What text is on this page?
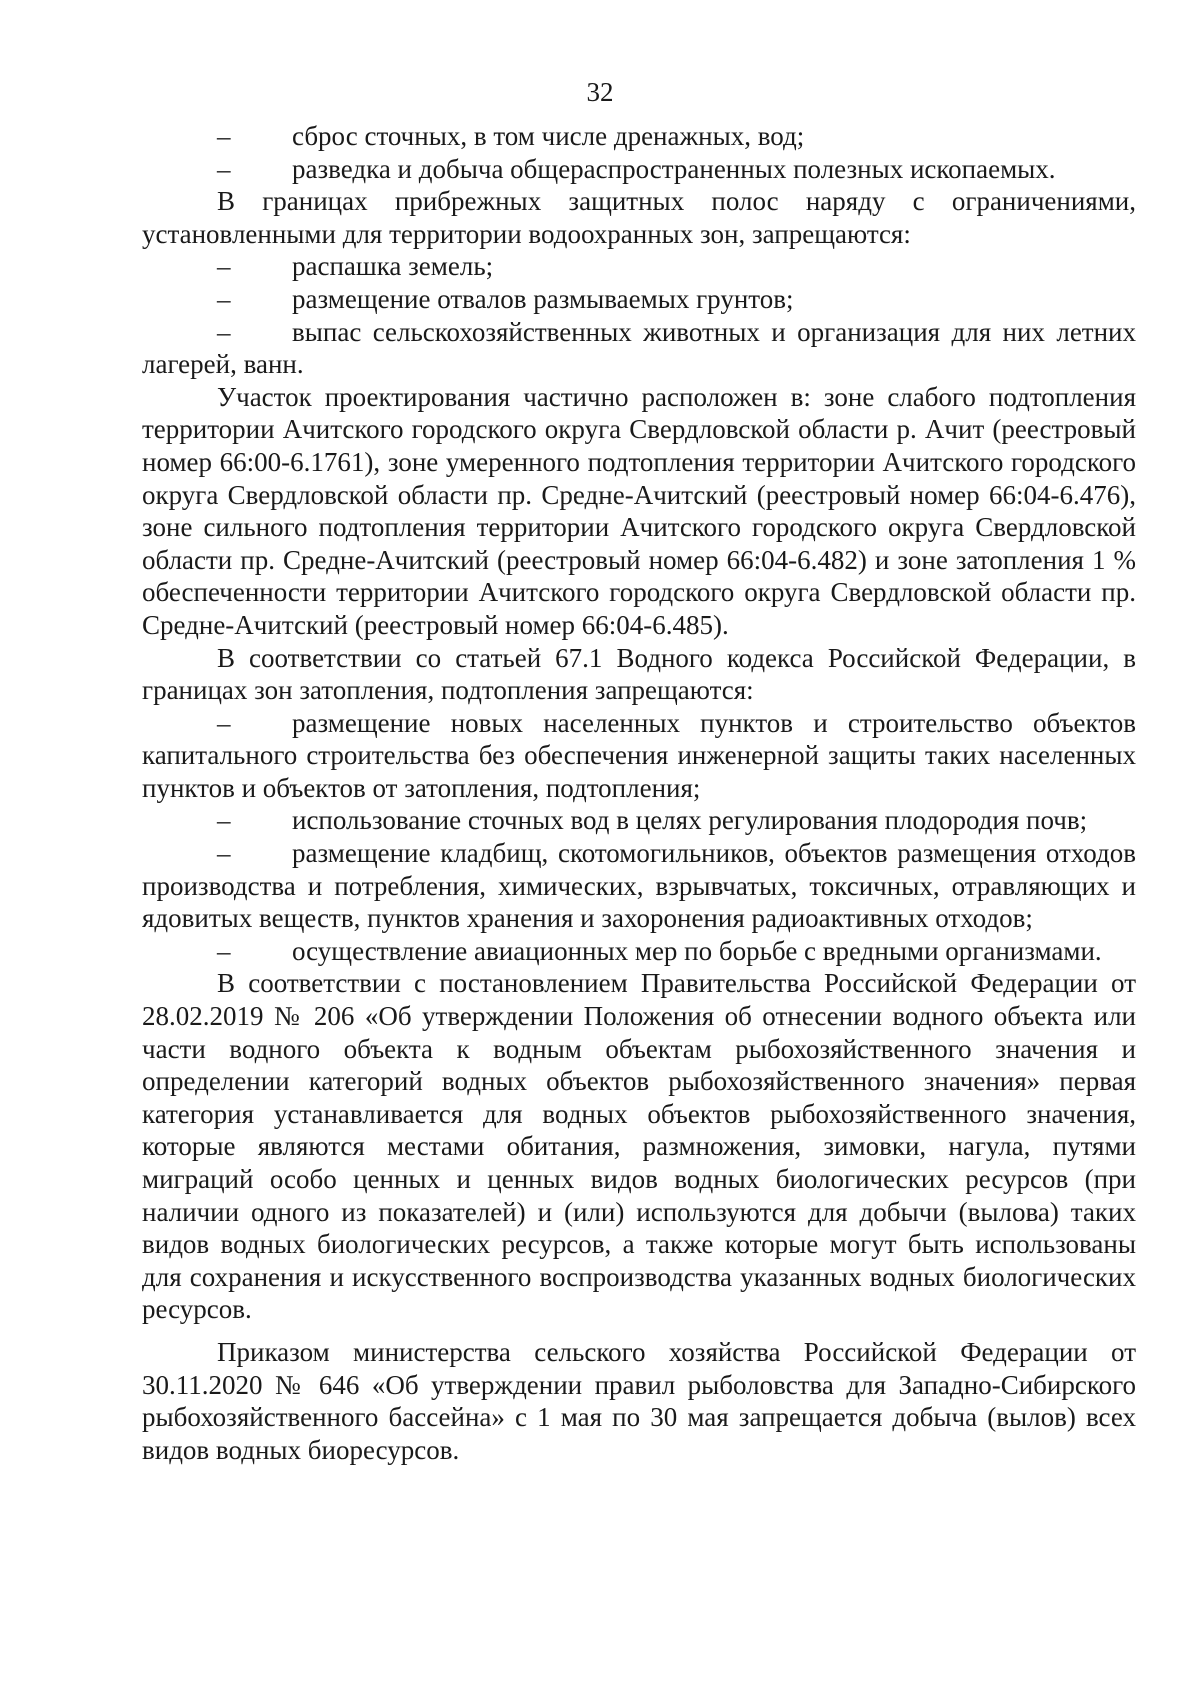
32

– сброс сточных, в том числе дренажных, вод;

– разведка и добыча общераспространенных полезных ископаемых.

В границах прибрежных защитных полос наряду с ограничениями, установленными для территории водоохранных зон, запрещаются:

– распашка земель;

– размещение отвалов размываемых грунтов;

– выпас сельскохозяйственных животных и организация для них летних лагерей, ванн.

Участок проектирования частично расположен в: зоне слабого подтопления территории Ачитского городского округа Свердловской области р. Ачит (реестровый номер 66:00-6.1761), зоне умеренного подтопления территории Ачитского городского округа Свердловской области пр. Средне-Ачитский (реестровый номер 66:04-6.476), зоне сильного подтопления территории Ачитского городского округа Свердловской области пр. Средне-Ачитский (реестровый номер 66:04-6.482) и зоне затопления 1 % обеспеченности территории Ачитского городского округа Свердловской области пр. Средне-Ачитский (реестровый номер 66:04-6.485).

В соответствии со статьей 67.1 Водного кодекса Российской Федерации, в границах зон затопления, подтопления запрещаются:

– размещение новых населенных пунктов и строительство объектов капитального строительства без обеспечения инженерной защиты таких населенных пунктов и объектов от затопления, подтопления;

– использование сточных вод в целях регулирования плодородия почв;

– размещение кладбищ, скотомогильников, объектов размещения отходов производства и потребления, химических, взрывчатых, токсичных, отравляющих и ядовитых веществ, пунктов хранения и захоронения радиоактивных отходов;

– осуществление авиационных мер по борьбе с вредными организмами.

В соответствии с постановлением Правительства Российской Федерации от 28.02.2019 № 206 «Об утверждении Положения об отнесении водного объекта или части водного объекта к водным объектам рыбохозяйственного значения и определении категорий водных объектов рыбохозяйственного значения» первая категория устанавливается для водных объектов рыбохозяйственного значения, которые являются местами обитания, размножения, зимовки, нагула, путями миграций особо ценных и ценных видов водных биологических ресурсов (при наличии одного из показателей) и (или) используются для добычи (вылова) таких видов водных биологических ресурсов, а также которые могут быть использованы для сохранения и искусственного воспроизводства указанных водных биологических ресурсов.

Приказом министерства сельского хозяйства Российской Федерации от 30.11.2020 № 646 «Об утверждении правил рыболовства для Западно-Сибирского рыбохозяйственного бассейна» с 1 мая по 30 мая запрещается добыча (вылов) всех видов водных биоресурсов.
